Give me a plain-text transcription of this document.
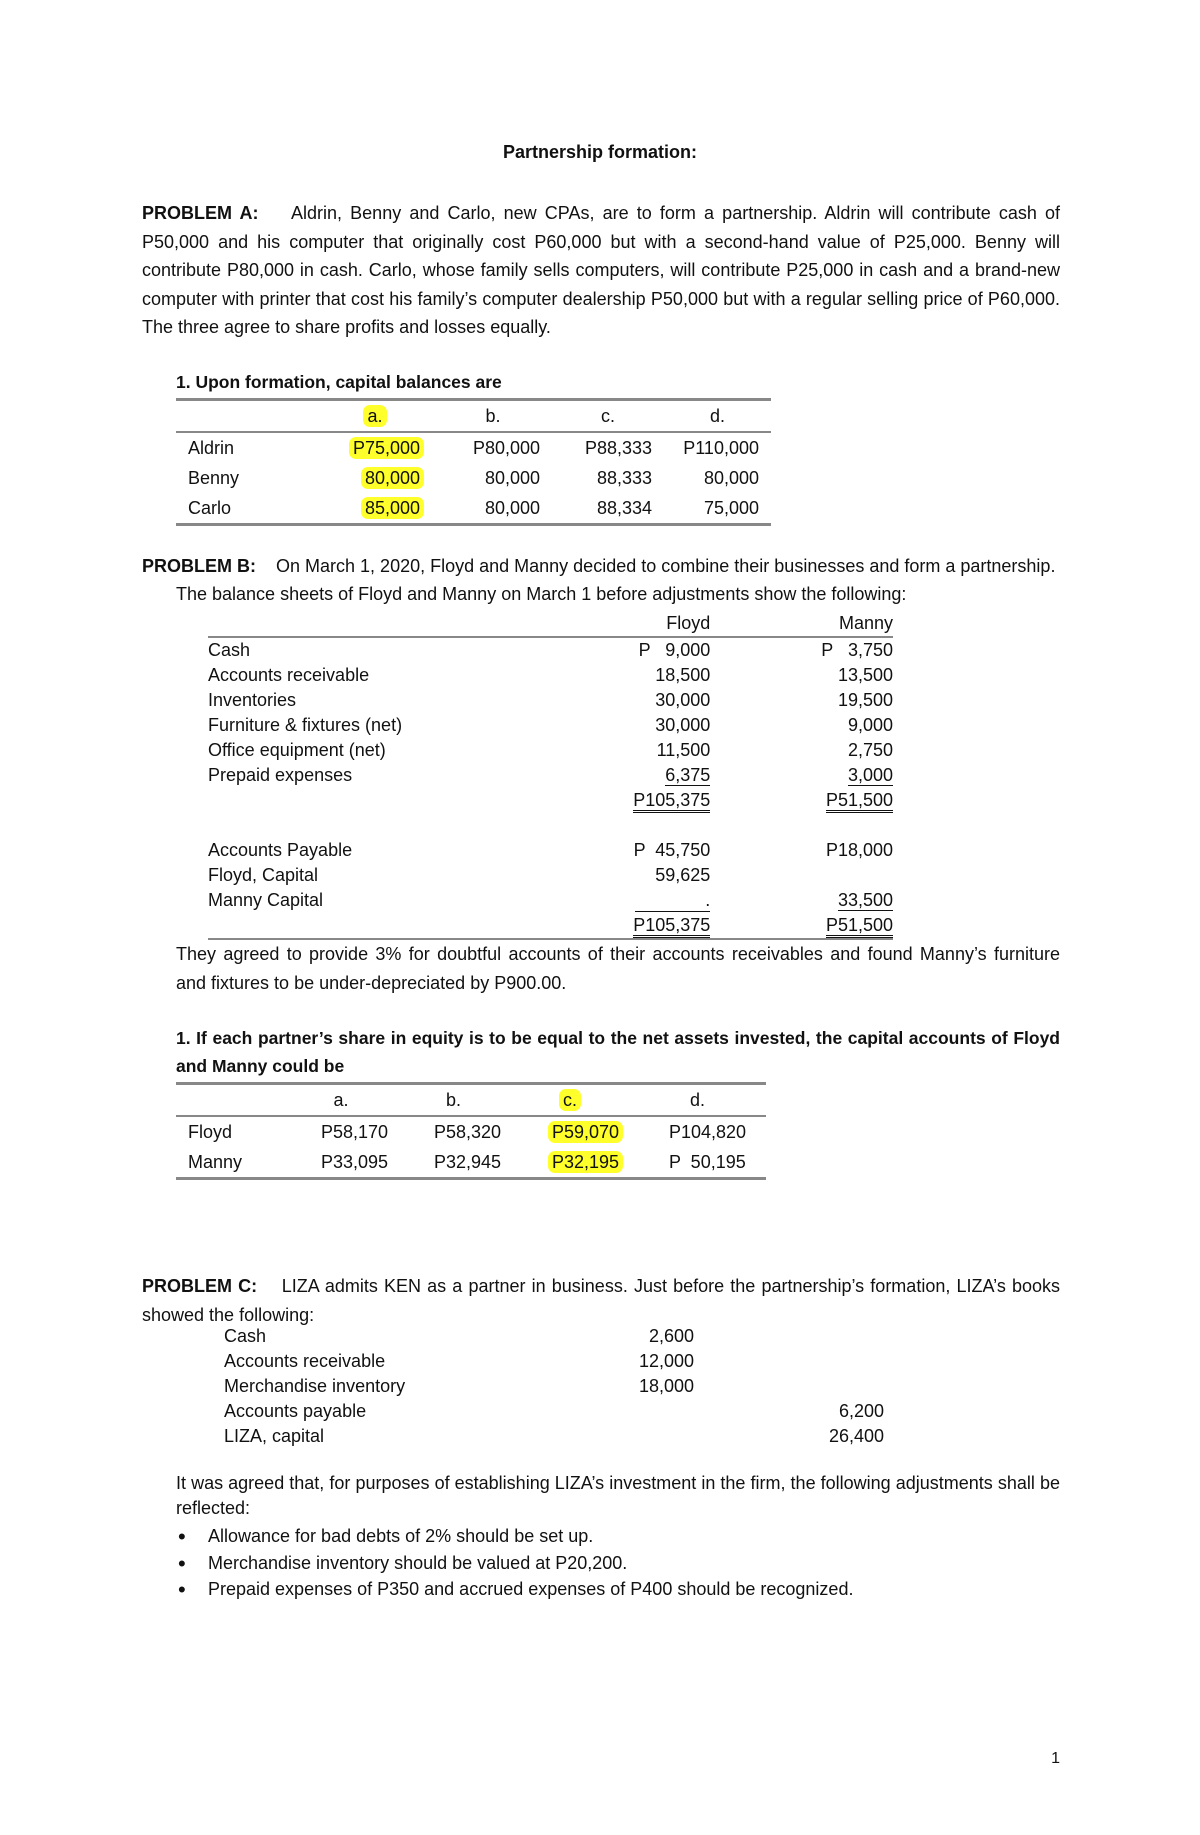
Partnership formation:
PROBLEM A: Aldrin, Benny and Carlo, new CPAs, are to form a partnership. Aldrin will contribute cash of P50,000 and his computer that originally cost P60,000 but with a second-hand value of P25,000. Benny will contribute P80,000 in cash. Carlo, whose family sells computers, will contribute P25,000 in cash and a brand-new computer with printer that cost his family’s computer dealership P50,000 but with a regular selling price of P60,000. The three agree to share profits and losses equally.
1. Upon formation, capital balances are
	a.	b.	c.	d.
Aldrin	P75,000	P80,000	P88,333	P110,000
Benny	80,000	80,000	88,333	80,000
Carlo	85,000	80,000	88,334	75,000
PROBLEM B: On March 1, 2020, Floyd and Manny decided to combine their businesses and form a partnership.
The balance sheets of Floyd and Manny on March 1 before adjustments show the following:
	Floyd		Manny
Cash	P   9,000		P   3,750
Accounts receivable	18,500		13,500
Inventories	30,000		19,500
Furniture & fixtures (net)	30,000		9,000
Office equipment (net)	11,500		2,750
Prepaid expenses	6,375		3,000
	P105,375		P51,500

Accounts Payable	P  45,750		P18,000
Floyd, Capital	59,625		
Manny Capital	.		33,500
	P105,375		P51,500
They agreed to provide 3% for doubtful accounts of their accounts receivables and found Manny’s furniture and fixtures to be under-depreciated by P900.00.
1. If each partner’s share in equity is to be equal to the net assets invested, the capital accounts of Floyd and Manny could be
	a.	b.	c.	d.
Floyd	P58,170	P58,320	P59,070	P104,820
Manny	P33,095	P32,945	P32,195	P  50,195
PROBLEM C: LIZA admits KEN as a partner in business. Just before the partnership’s formation, LIZA’s books showed the following:
Cash	2,600	
Accounts receivable	12,000	
Merchandise inventory	18,000	
Accounts payable		6,200
LIZA, capital		26,400
It was agreed that, for purposes of establishing LIZA’s investment in the firm, the following adjustments shall be reflected:
• Allowance for bad debts of 2% should be set up.
• Merchandise inventory should be valued at P20,200.
• Prepaid expenses of P350 and accrued expenses of P400 should be recognized.
1
